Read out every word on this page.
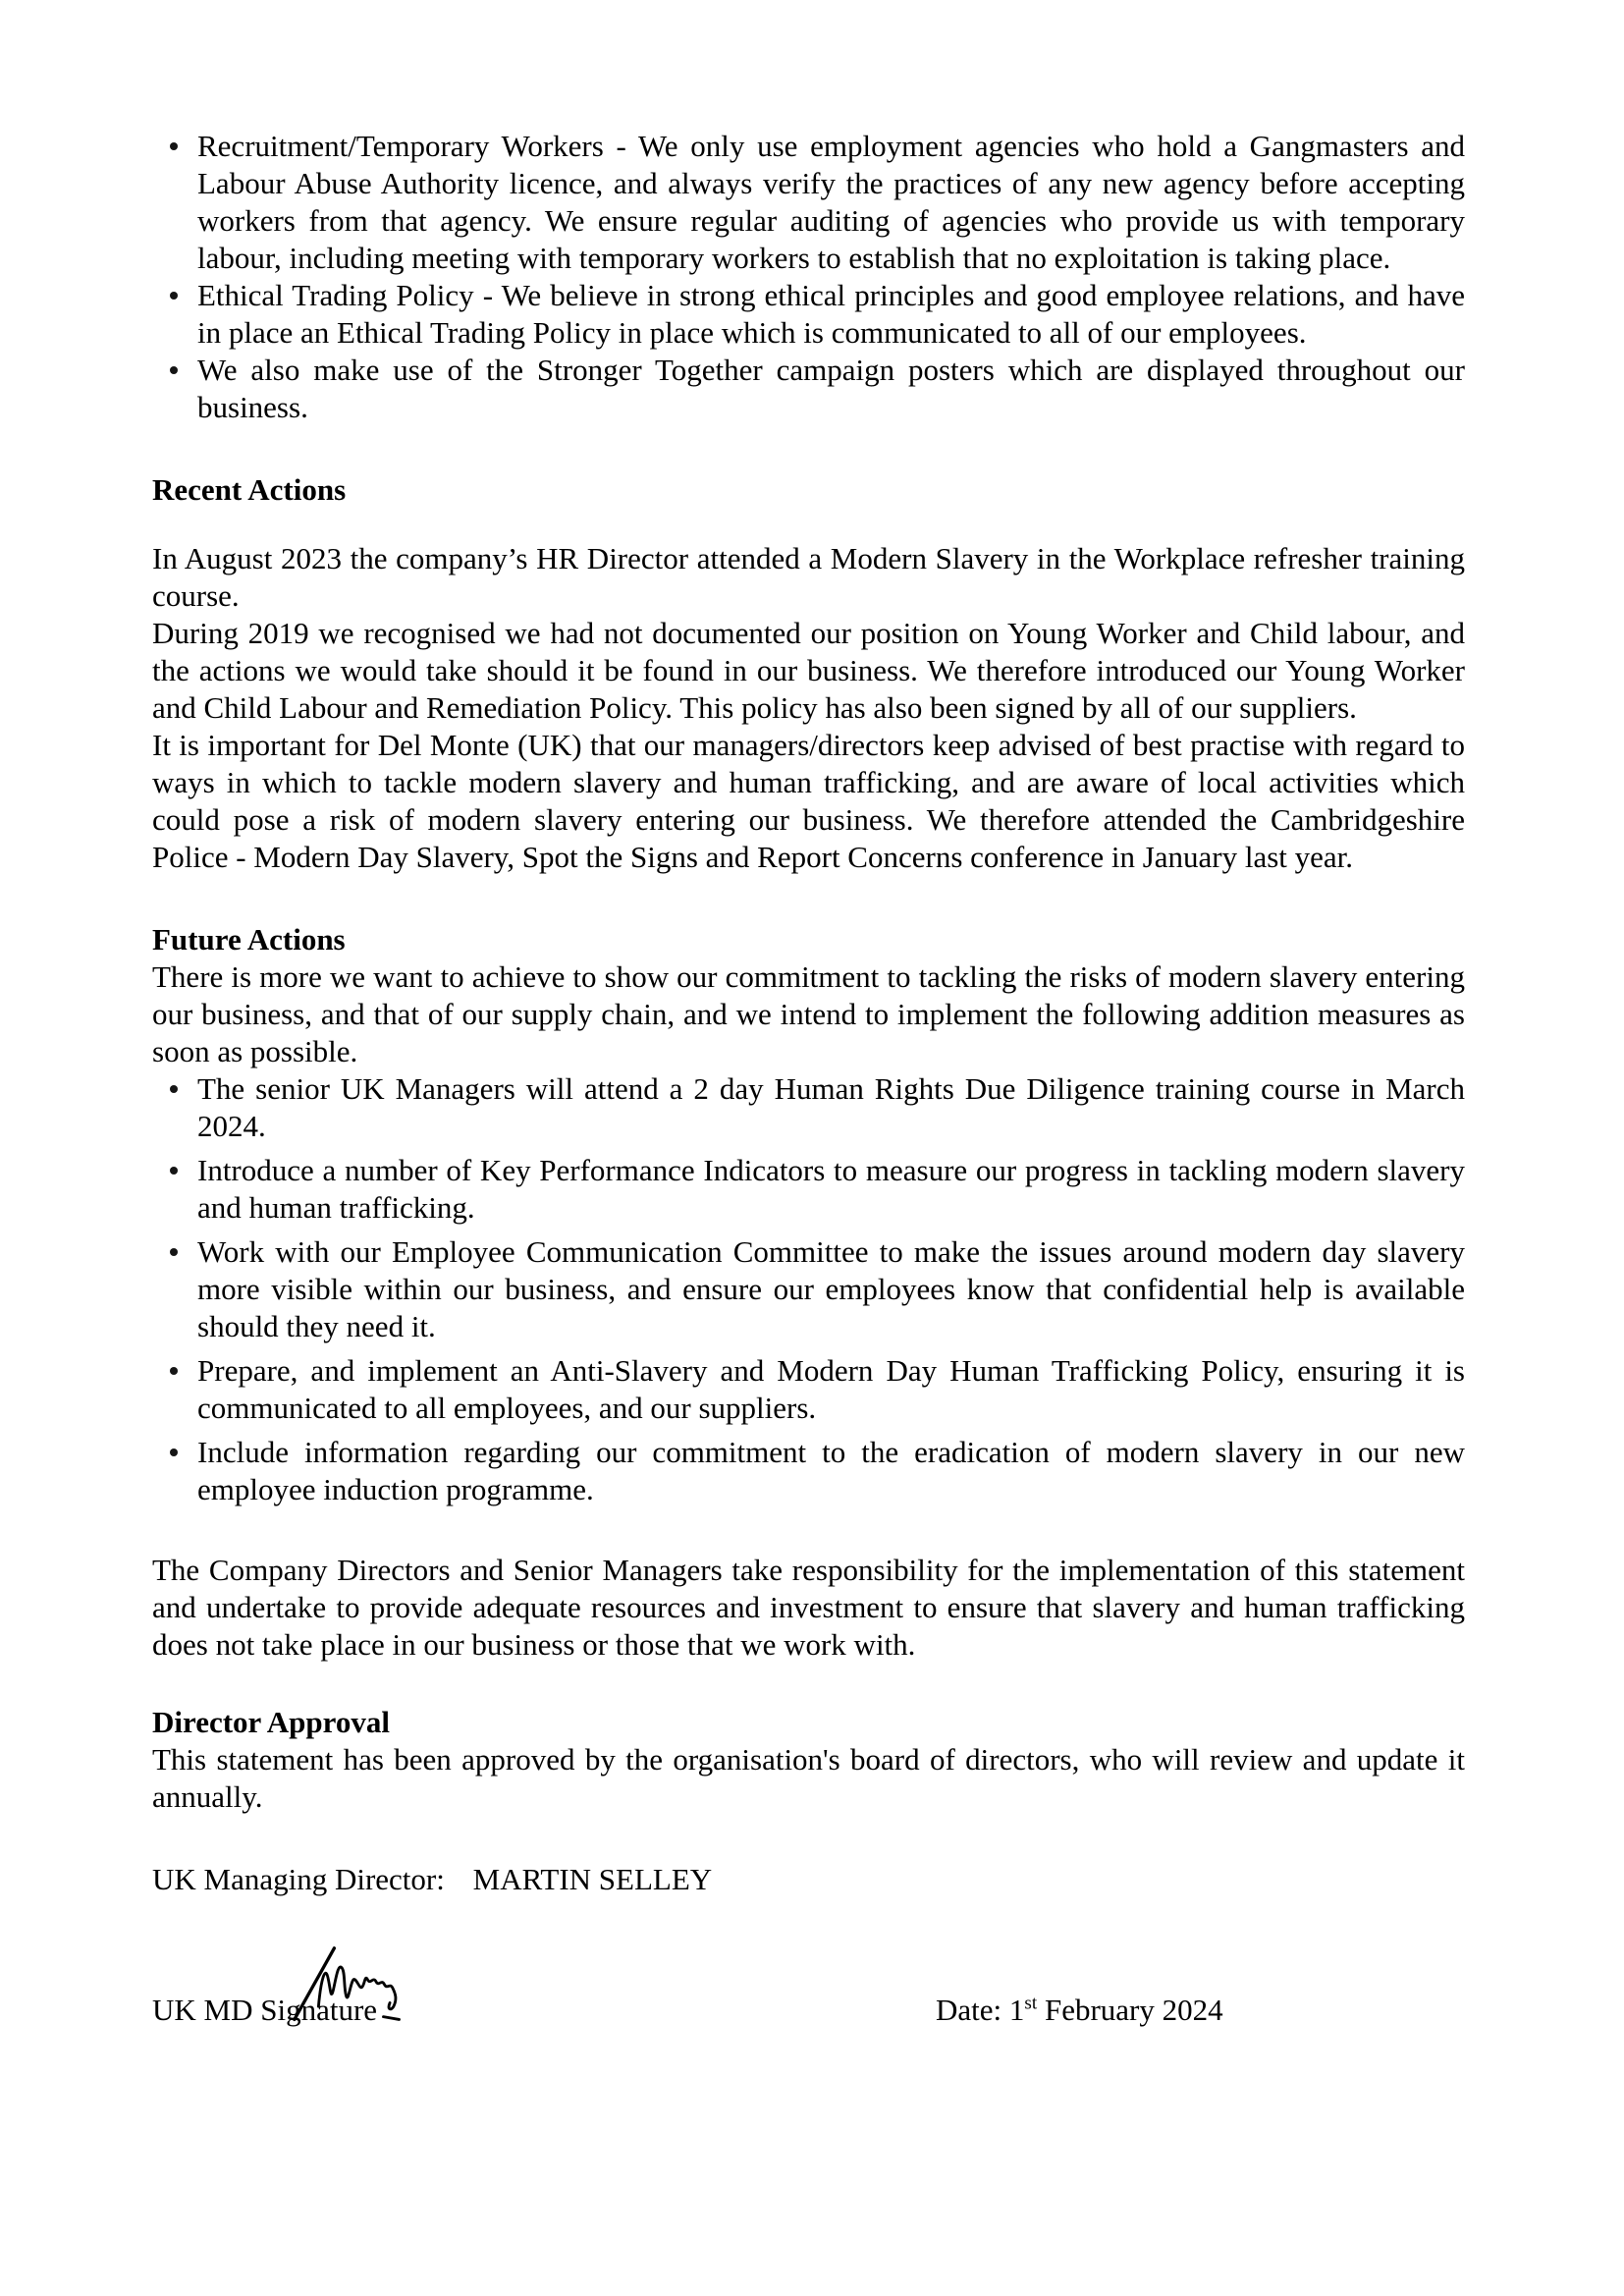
Recruitment/Temporary Workers - We only use employment agencies who hold a Gangmasters and Labour Abuse Authority licence, and always verify the practices of any new agency before accepting workers from that agency. We ensure regular auditing of agencies who provide us with temporary labour, including meeting with temporary workers to establish that no exploitation is taking place.
Ethical Trading Policy - We believe in strong ethical principles and good employee relations, and have in place an Ethical Trading Policy in place which is communicated to all of our employees.
We also make use of the Stronger Together campaign posters which are displayed throughout our business.
Recent Actions

In August 2023 the company’s HR Director attended a Modern Slavery in the Workplace refresher training course.

During 2019 we recognised we had not documented our position on Young Worker and Child labour, and the actions we would take should it be found in our business. We therefore introduced our Young Worker and Child Labour and Remediation Policy. This policy has also been signed by all of our suppliers.

It is important for Del Monte (UK) that our managers/directors keep advised of best practise with regard to ways in which to tackle modern slavery and human trafficking, and are aware of local activities which could pose a risk of modern slavery entering our business. We therefore attended the Cambridgeshire Police - Modern Day Slavery, Spot the Signs and Report Concerns conference in January last year.

Future Actions

There is more we want to achieve to show our commitment to tackling the risks of modern slavery entering our business, and that of our supply chain, and we intend to implement the following addition measures as soon as possible.

The senior UK Managers will attend a 2 day Human Rights Due Diligence training course in March 2024.
Introduce a number of Key Performance Indicators to measure our progress in tackling modern slavery and human trafficking.
Work with our Employee Communication Committee to make the issues around modern day slavery more visible within our business, and ensure our employees know that confidential help is available should they need it.
Prepare, and implement an Anti-Slavery and Modern Day Human Trafficking Policy, ensuring it is communicated to all employees, and our suppliers.
Include information regarding our commitment to the eradication of modern slavery in our new employee induction programme.

The Company Directors and Senior Managers take responsibility for the implementation of this statement and undertake to provide adequate resources and investment to ensure that slavery and human trafficking does not take place in our business or those that we work with.

Director Approval

This statement has been approved by the organisation's board of directors, who will review and update it annually.

UK Managing Director: MARTIN SELLEY

UK MD Signature	Date: 1st February 2024
